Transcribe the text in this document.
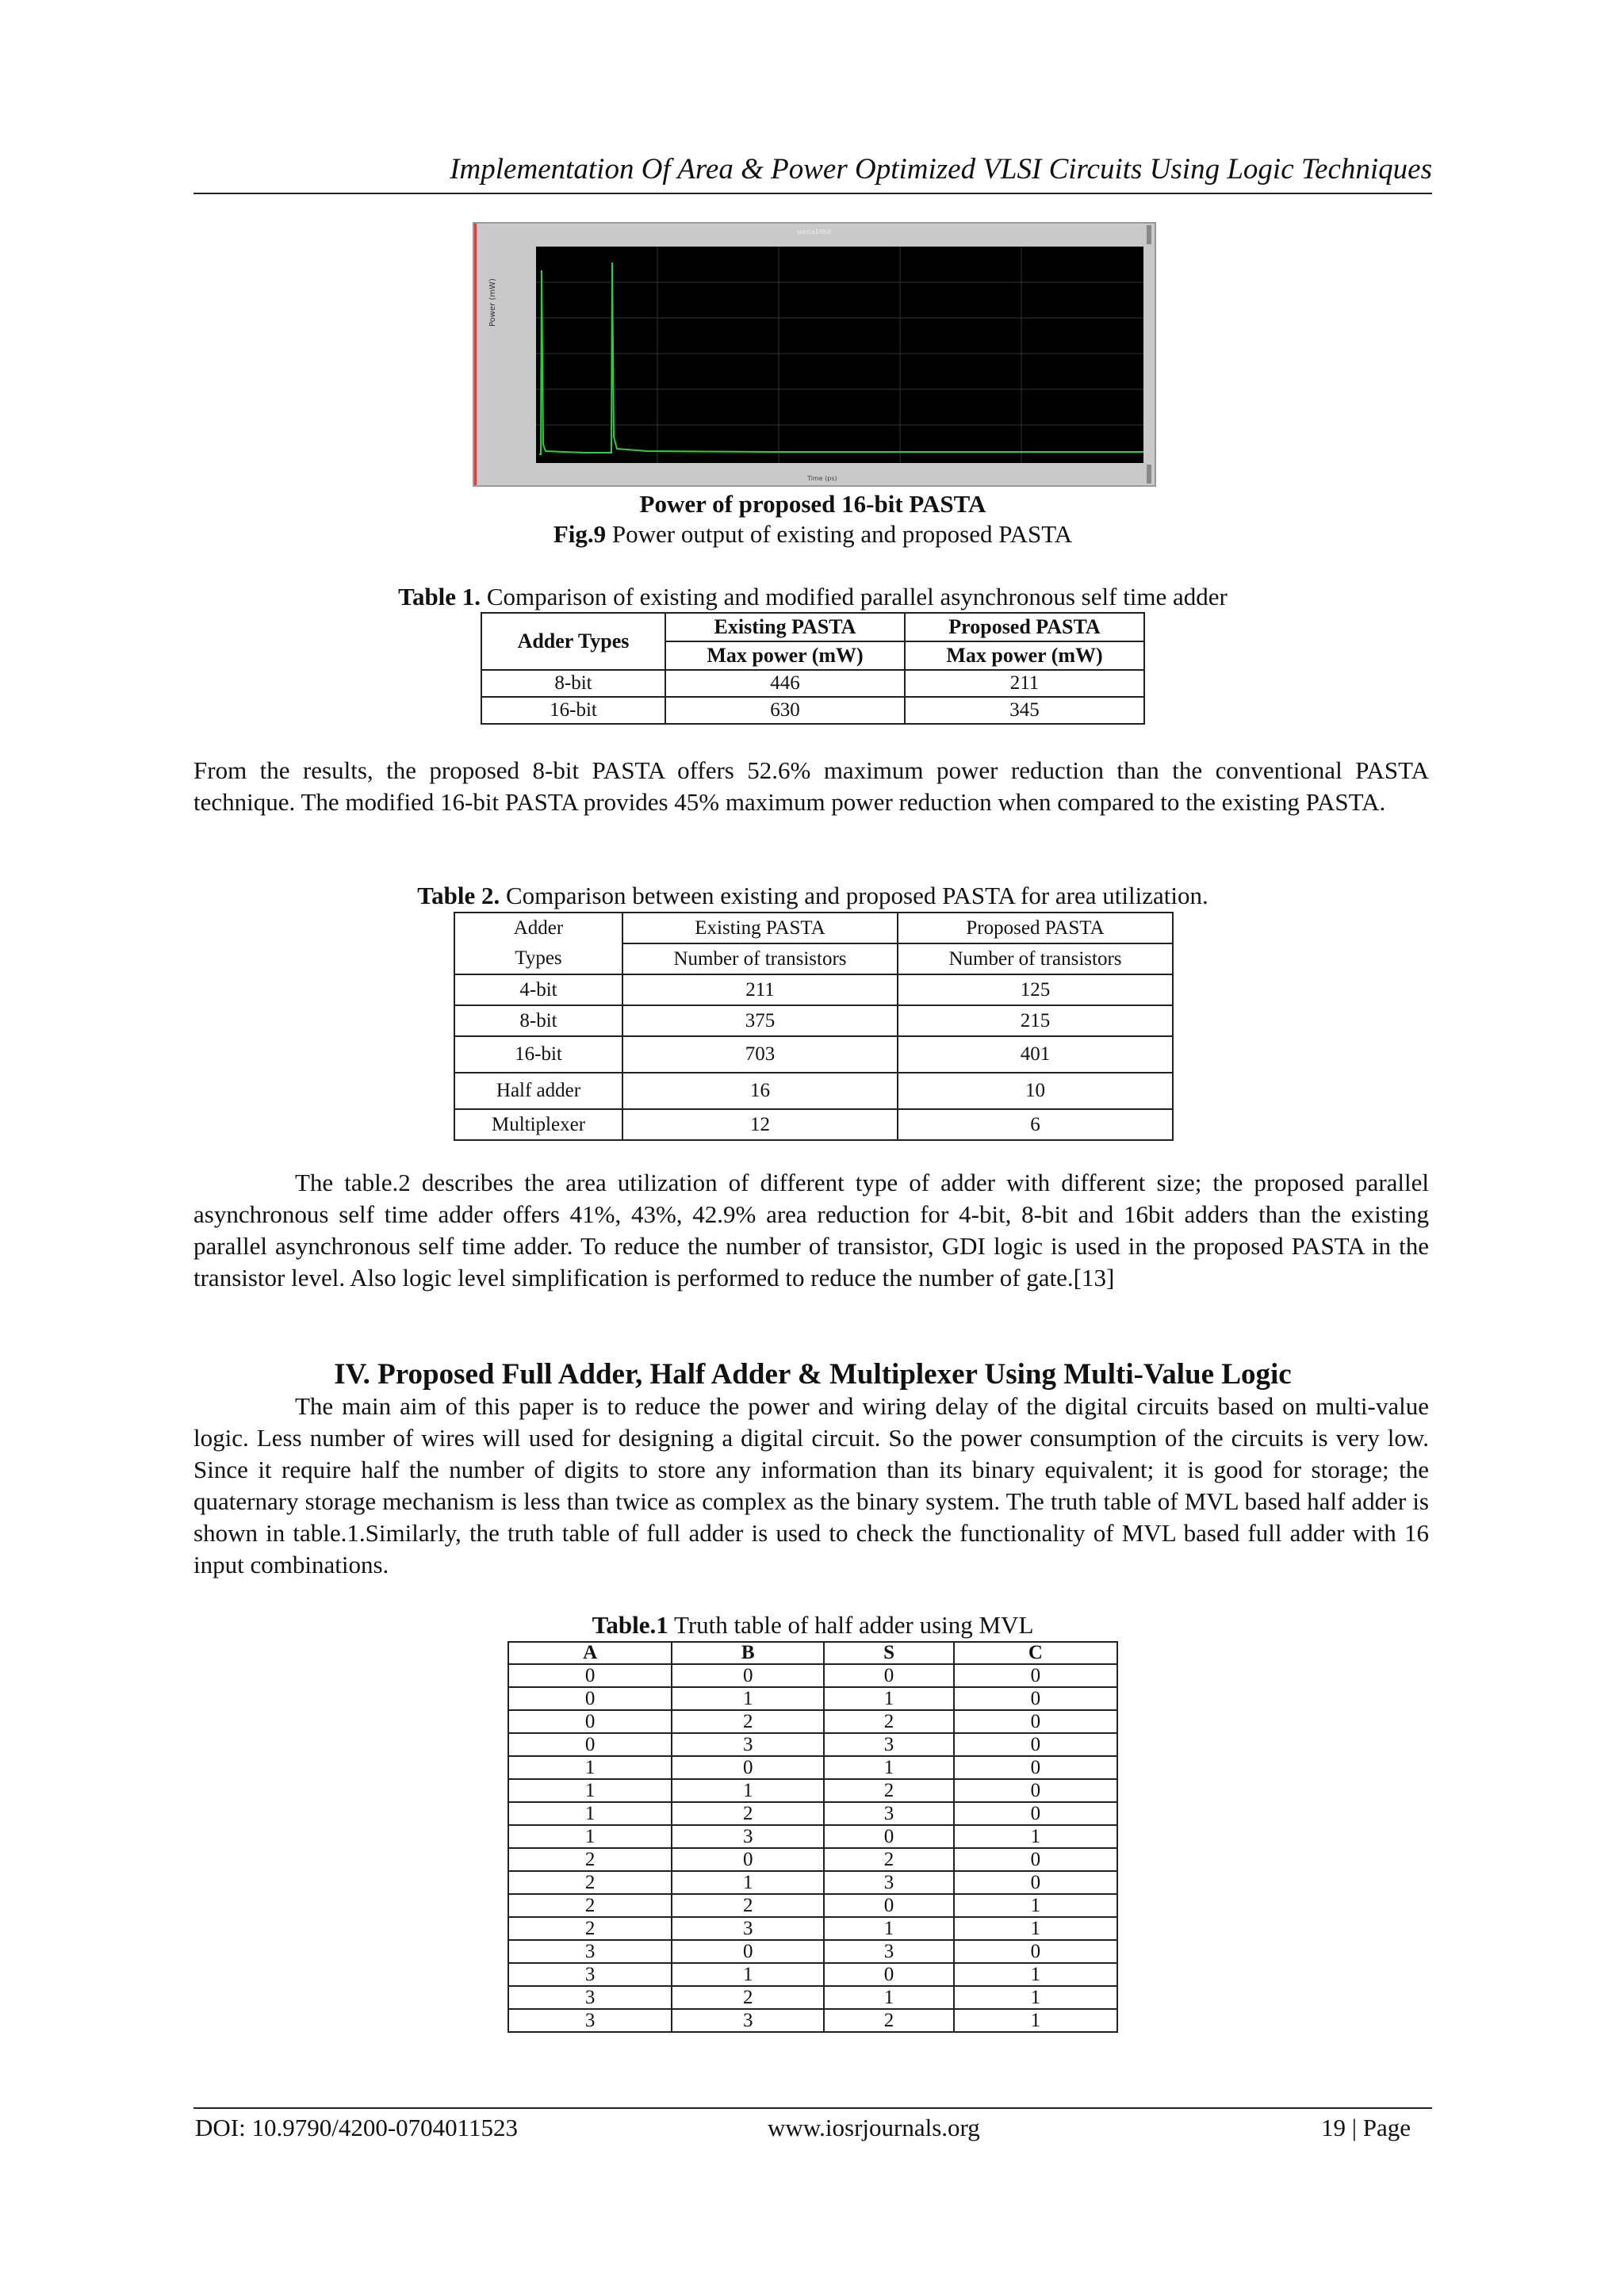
Implementation Of Area & Power Optimized VLSI Circuits Using Logic Techniques
pasta16bit
Power (mW)
Time (ps)
Power of proposed 16-bit PASTA
Fig.9 Power output of existing and proposed PASTA
Table 1. Comparison of existing and modified parallel asynchronous self time adder
Adder Types	Existing PASTA	Proposed PASTA
	Max power (mW)	Max power (mW)
8-bit	446	211
16-bit	630	345
From the results, the proposed 8-bit PASTA offers 52.6% maximum power reduction than the conventional PASTA technique. The modified 16-bit PASTA provides 45% maximum power reduction when compared to the existing PASTA.
Table 2. Comparison between existing and proposed PASTA for area utilization.
Adder	Existing PASTA	Proposed PASTA
Types	Number of transistors	Number of transistors
4-bit	211	125
8-bit	375	215
16-bit	703	401
Half adder	16	10
Multiplexer	12	6
The table.2 describes the area utilization of different type of adder with different size; the proposed parallel asynchronous self time adder offers 41%, 43%, 42.9% area reduction for 4-bit, 8-bit and 16bit adders than the existing parallel asynchronous self time adder. To reduce the number of transistor, GDI logic is used in the proposed PASTA in the transistor level. Also logic level simplification is performed to reduce the number of gate.[13]
IV. Proposed Full Adder, Half Adder & Multiplexer Using Multi-Value Logic
The main aim of this paper is to reduce the power and wiring delay of the digital circuits based on multi-value logic. Less number of wires will used for designing a digital circuit. So the power consumption of the circuits is very low. Since it require half the number of digits to store any information than its binary equivalent; it is good for storage; the quaternary storage mechanism is less than twice as complex as the binary system. The truth table of MVL based half adder is shown in table.1.Similarly, the truth table of full adder is used to check the functionality of MVL based full adder with 16 input combinations.
Table.1 Truth table of half adder using MVL
A	B	S	C
0	0	0	0
0	1	1	0
0	2	2	0
0	3	3	0
1	0	1	0
1	1	2	0
1	2	3	0
1	3	0	1
2	0	2	0
2	1	3	0
2	2	0	1
2	3	1	1
3	0	3	0
3	1	0	1
3	2	1	1
3	3	2	1
DOI: 10.9790/4200-0704011523	www.iosrjournals.org	19 | Page
